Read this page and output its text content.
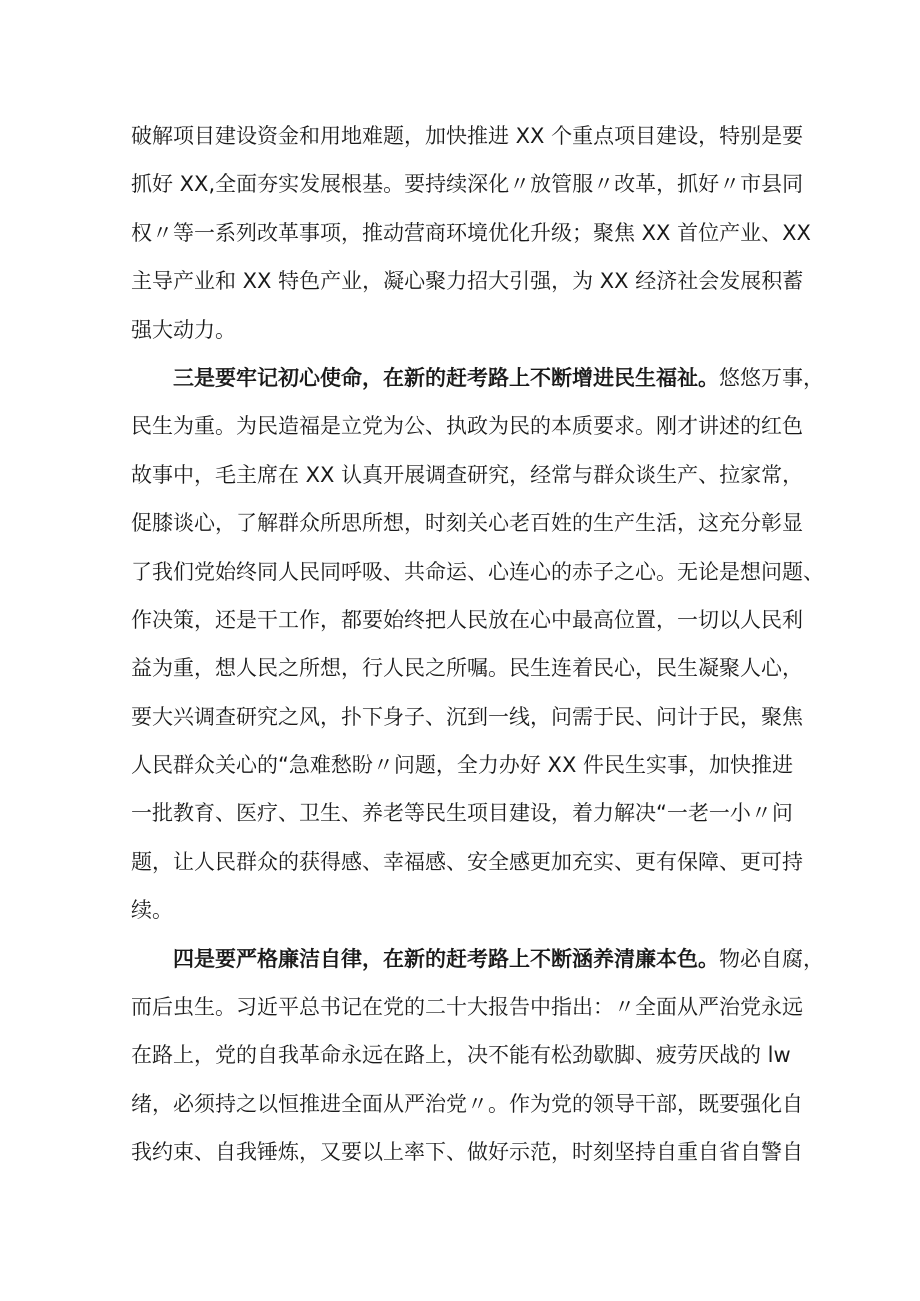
破解项目建设资金和用地难题，加快推进 XX 个重点项目建设，特别是要
抓好 XX,全面夯实发展根基。要持续深化〃放管服〃改革，抓好〃市县同
权〃等一系列改革事项，推动营商环境优化升级；聚焦 XX 首位产业、XX
主导产业和 XX 特色产业，凝心聚力招大引强，为 XX 经济社会发展积蓄
强大动力。
三是要牢记初心使命，在新的赶考路上不断增进民生福祉。悠悠万事，
民生为重。为民造福是立党为公、执政为民的本质要求。刚才讲述的红色
故事中，毛主席在 XX 认真开展调查研究，经常与群众谈生产、拉家常，
促膝谈心，了解群众所思所想，时刻关心老百姓的生产生活，这充分彰显
了我们党始终同人民同呼吸、共命运、心连心的赤子之心。无论是想问题、
作决策，还是干工作，都要始终把人民放在心中最高位置，一切以人民利
益为重，想人民之所想，行人民之所嘱。民生连着民心，民生凝聚人心，
要大兴调查研究之风，扑下身子、沉到一线，问需于民、问计于民，聚焦
人民群众关心的“急难愁盼〃问题，全力办好 XX 件民生实事，加快推进
一批教育、医疗、卫生、养老等民生项目建设，着力解决“一老一小〃问
题，让人民群众的获得感、幸福感、安全感更加充实、更有保障、更可持
续。
四是要严格廉洁自律，在新的赶考路上不断涵养清廉本色。物必自腐，
而后虫生。习近平总书记在党的二十大报告中指出：〃全面从严治党永远
在路上，党的自我革命永远在路上，决不能有松劲歇脚、疲劳厌战的 lw
绪，必须持之以恒推进全面从严治党〃。作为党的领导干部，既要强化自
我约束、自我锤炼，又要以上率下、做好示范，时刻坚持自重自省自警自
